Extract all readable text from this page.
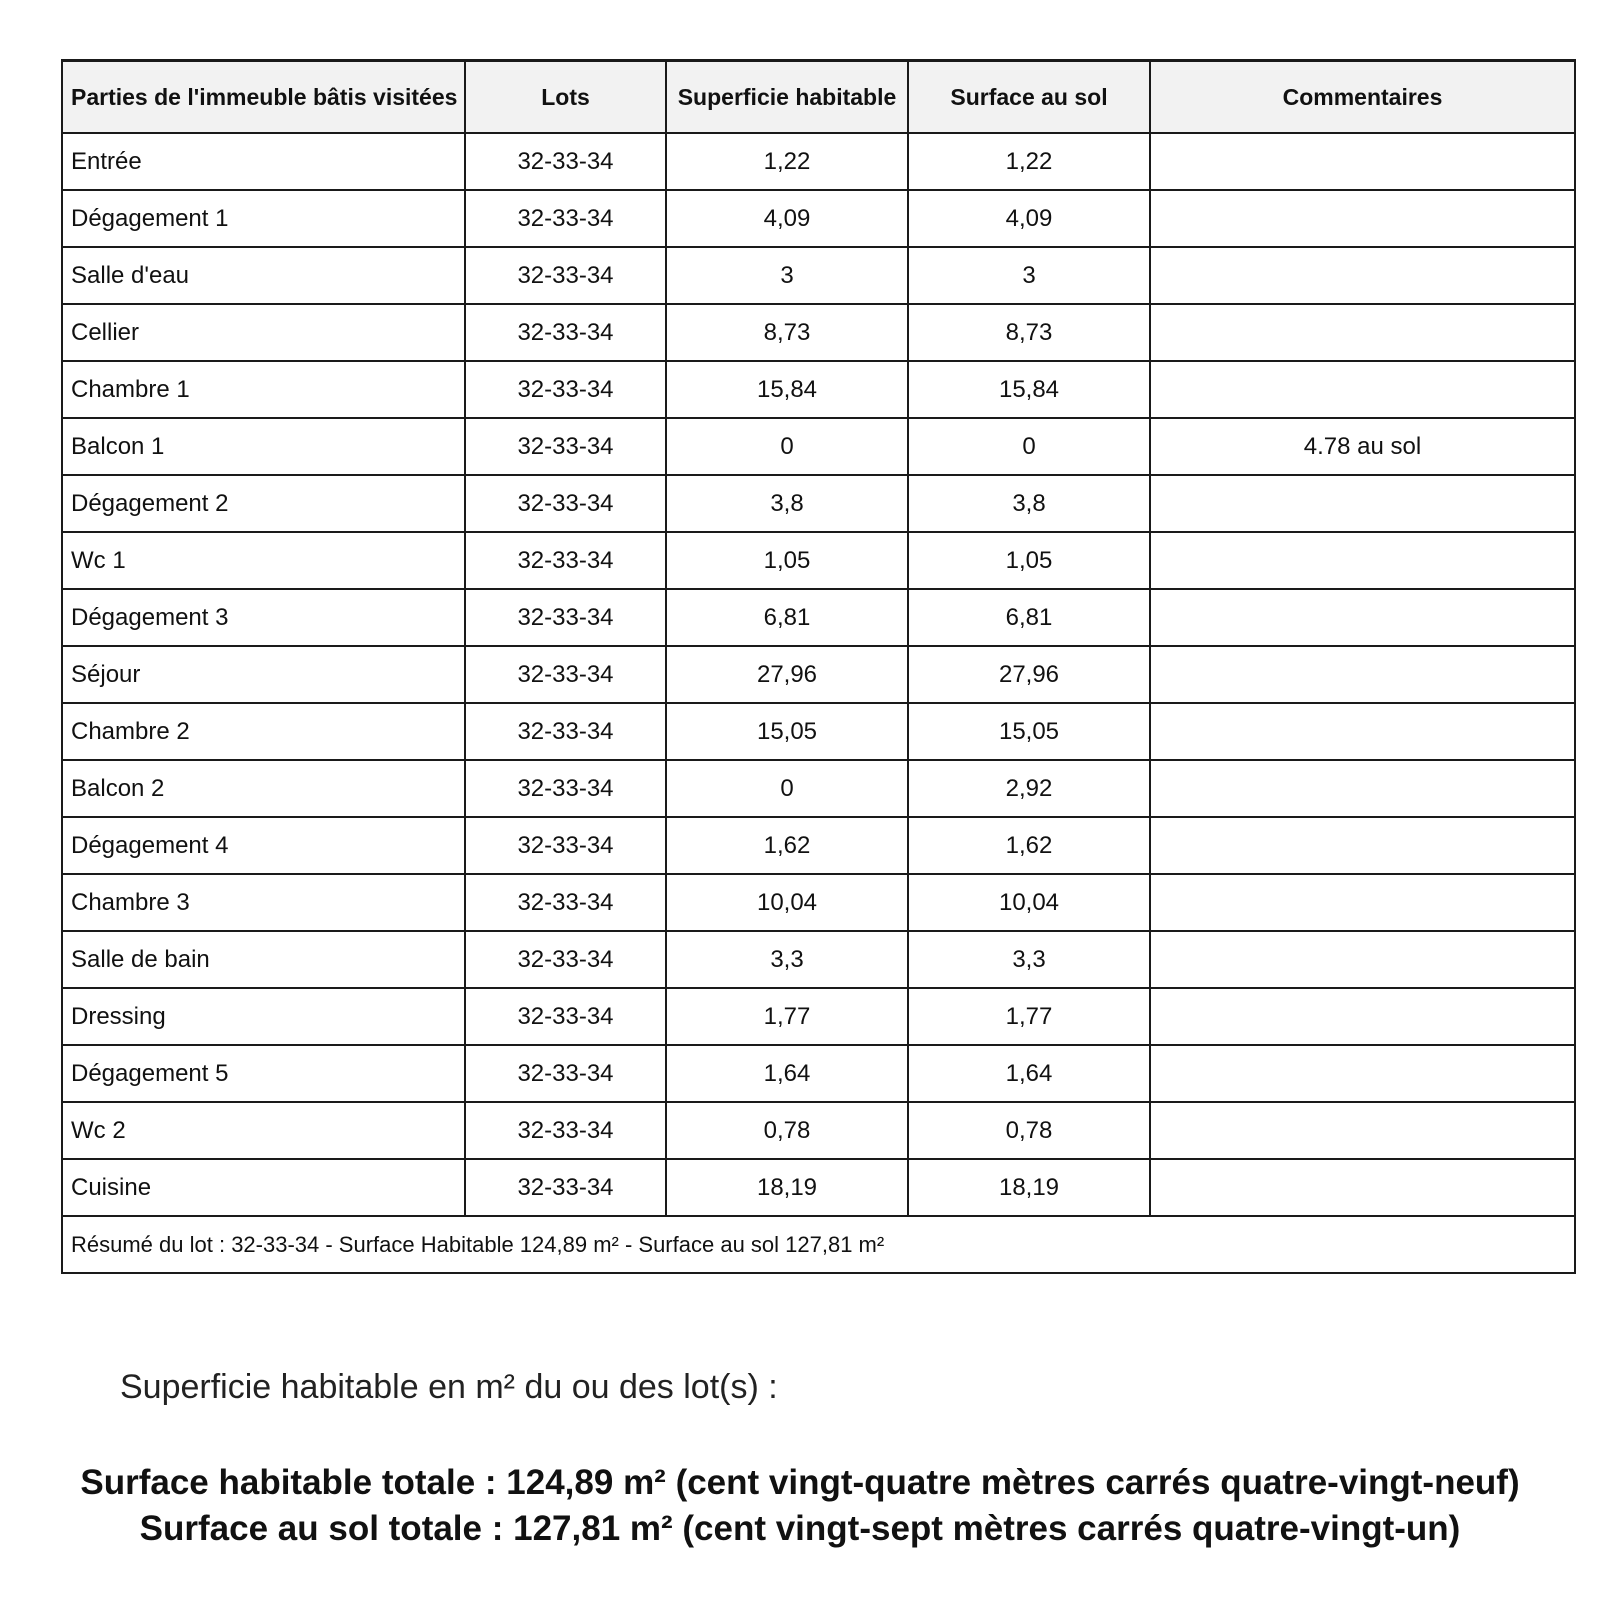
Parties de l'immeuble bâtis visitées	Lots	Superficie habitable	Surface au sol	Commentaires
Entrée	32-33-34	1,22	1,22	
Dégagement 1	32-33-34	4,09	4,09	
Salle d'eau	32-33-34	3	3	
Cellier	32-33-34	8,73	8,73	
Chambre 1	32-33-34	15,84	15,84	
Balcon 1	32-33-34	0	0	4.78 au sol
Dégagement 2	32-33-34	3,8	3,8	
Wc 1	32-33-34	1,05	1,05	
Dégagement 3	32-33-34	6,81	6,81	
Séjour	32-33-34	27,96	27,96	
Chambre 2	32-33-34	15,05	15,05	
Balcon 2	32-33-34	0	2,92	
Dégagement 4	32-33-34	1,62	1,62	
Chambre 3	32-33-34	10,04	10,04	
Salle de bain	32-33-34	3,3	3,3	
Dressing	32-33-34	1,77	1,77	
Dégagement 5	32-33-34	1,64	1,64	
Wc 2	32-33-34	0,78	0,78	
Cuisine	32-33-34	18,19	18,19	
Résumé du lot : 32-33-34 - Surface Habitable 124,89 m² - Surface au sol 127,81 m²				
Superficie habitable en m² du ou des lot(s) :
Surface habitable totale : 124,89 m² (cent vingt-quatre mètres carrés quatre-vingt-neuf)
Surface au sol totale : 127,81 m² (cent vingt-sept mètres carrés quatre-vingt-un)
